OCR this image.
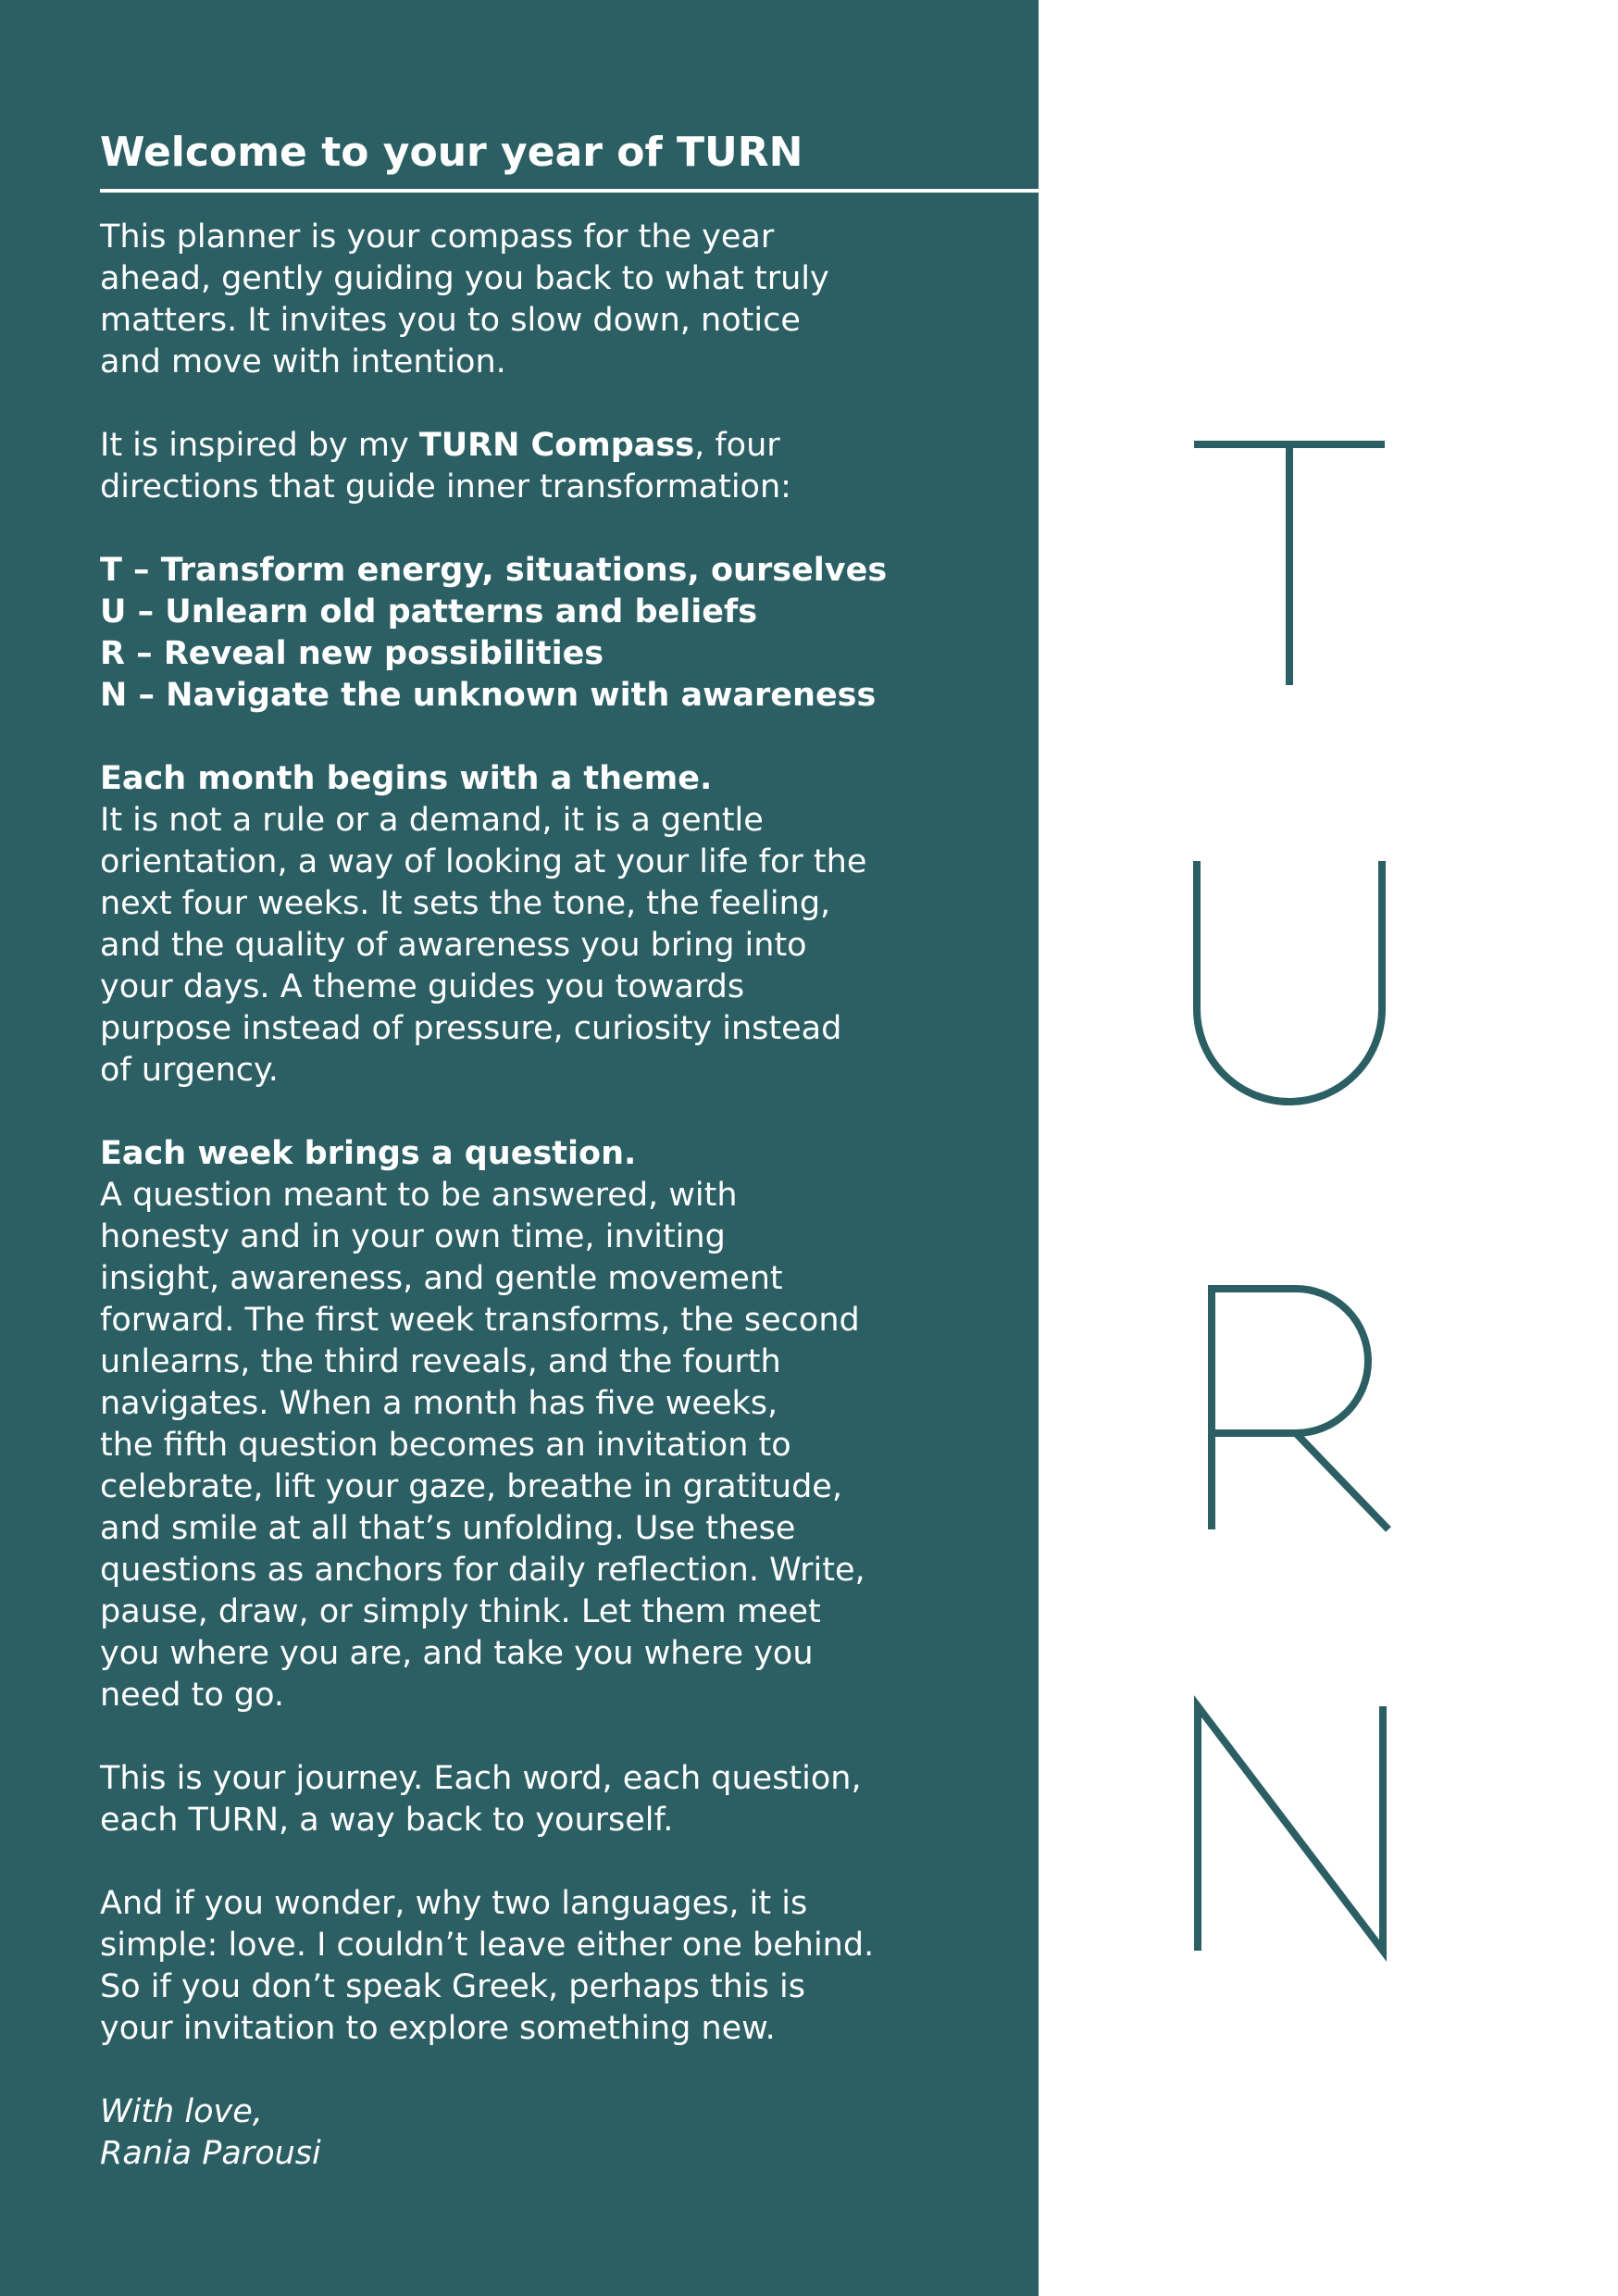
Welcome to your year of TURN

This planner is your compass for the year
ahead, gently guiding you back to what truly
matters. It invites you to slow down, notice
and move with intention.

It is inspired by my TURN Compass, four
directions that guide inner transformation:

T – Transform energy, situations, ourselves
U – Unlearn old patterns and beliefs
R – Reveal new possibilities
N – Navigate the unknown with awareness

Each month begins with a theme.
It is not a rule or a demand, it is a gentle
orientation, a way of looking at your life for the
next four weeks. It sets the tone, the feeling,
and the quality of awareness you bring into
your days. A theme guides you towards
purpose instead of pressure, curiosity instead
of urgency.

Each week brings a question.
A question meant to be answered, with
honesty and in your own time, inviting
insight, awareness, and gentle movement
forward. The first week transforms, the second
unlearns, the third reveals, and the fourth
navigates. When a month has five weeks,
the fifth question becomes an invitation to
celebrate, lift your gaze, breathe in gratitude,
and smile at all that’s unfolding. Use these
questions as anchors for daily reflection. Write,
pause, draw, or simply think. Let them meet
you where you are, and take you where you
need to go.

This is your journey. Each word, each question,
each TURN, a way back to yourself.

And if you wonder, why two languages, it is
simple: love. I couldn’t leave either one behind.
So if you don’t speak Greek, perhaps this is
your invitation to explore something new.

With love,
Rania Parousi
